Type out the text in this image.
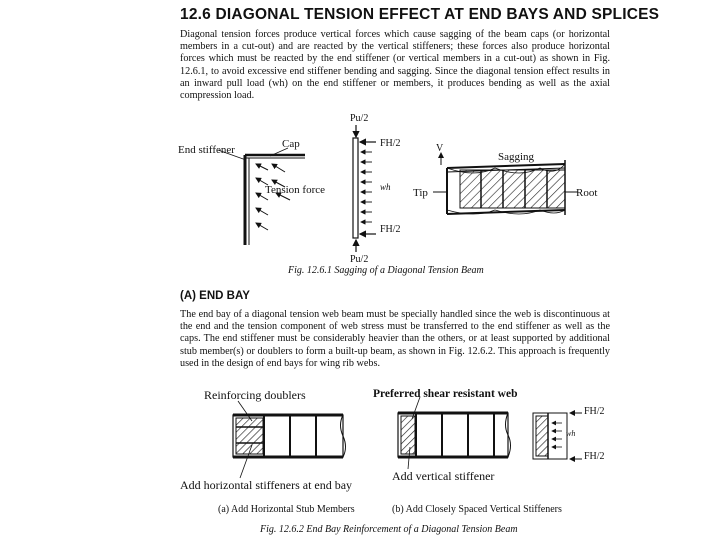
12.6 DIAGONAL TENSION EFFECT AT END BAYS AND SPLICES
Diagonal tension forces produce vertical forces which cause sagging of the beam caps (or horizontal members in a cut-out) and are reacted by the vertical stiffeners; these forces also produce horizontal forces which must be reacted by the end stiffener (or vertical members in a cut-out) as shown in Fig. 12.6.1, to avoid excessive end stiffener bending and sagging. Since the diagonal tension effect results in an inward pull load (wh) on the end stiffener or members, it produces bending as well as the axial compression load.
End stiffener	Cap
Tension force
Pu/2
FH/2
wh
FH/2
Pu/2
V
Sagging
Tip	Root
Fig. 12.6.1 Sagging of a Diagonal Tension Beam
(A) END BAY
The end bay of a diagonal tension web beam must be specially handled since the web is discontinuous at the end and the tension component of web stress must be transferred to the end stiffener as well as the caps. The end stiffener must be considerably heavier than the others, or at least supported by additional stub member(s) or doublers to form a built-up beam, as shown in Fig. 12.6.2. This approach is frequently used in the design of end bays for wing rib webs.
Reinforcing doublers
Add horizontal stiffeners at end bay
(a) Add Horizontal Stub Members
Preferred shear resistant web
Add vertical stiffener
(b) Add Closely Spaced Vertical Stiffeners
FH/2
wh
FH/2
Fig. 12.6.2 End Bay Reinforcement of a Diagonal Tension Beam
